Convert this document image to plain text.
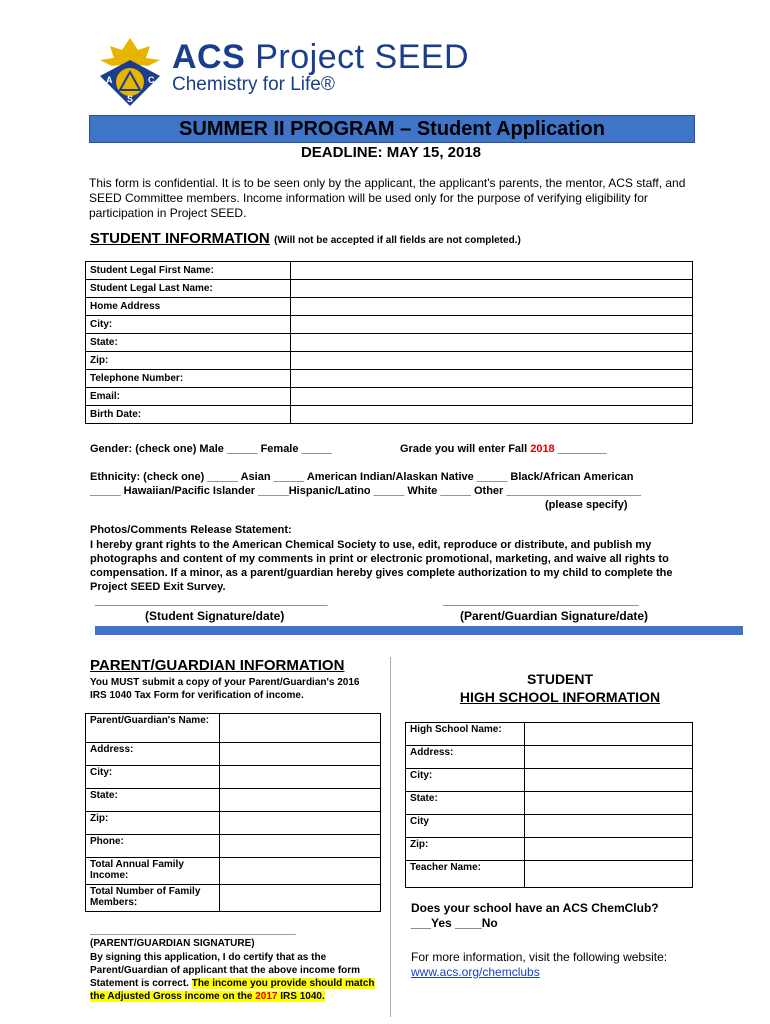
A	C
S
ACS Project SEED
Chemistry for Life®
SUMMER II PROGRAM – Student Application
DEADLINE: MAY 15, 2018
This form is confidential. It is to be seen only by the applicant, the applicant's parents, the mentor, ACS staff, and SEED Committee members. Income information will be used only for the purpose of verifying eligibility for participation in Project SEED.
STUDENT INFORMATION (Will not be accepted if all fields are not completed.)
Student Legal First Name:	
Student Legal Last Name:	
Home Address	
City:	
State:	
Zip:	
Telephone Number:	
Email:	
Birth Date:	
Gender: (check one) Male _____ Female _____	Grade you will enter Fall 2018 ________
Ethnicity: (check one) _____ Asian _____ American Indian/Alaskan Native _____ Black/African American
_____ Hawaiian/Pacific Islander _____Hispanic/Latino _____ White _____ Other ______________________
(please specify)
Photos/Comments Release Statement:
I hereby grant rights to the American Chemical Society to use, edit, reproduce or distribute, and publish my photographs and content of my comments in print or electronic promotional, marketing, and waive all rights to compensation. If a minor, as a parent/guardian hereby gives complete authorization to my child to complete the Project SEED Exit Survey.
______________________________________	________________________________
(Student Signature/date)	(Parent/Guardian Signature/date)
PARENT/GUARDIAN INFORMATION
You MUST submit a copy of your Parent/Guardian's 2016 IRS 1040 Tax Form for verification of income.
Parent/Guardian's Name:	
Address:	
City:	
State:	
Zip:	
Phone:	
Total Annual Family Income:	
Total Number of Family Members:	
_____________________________________
(PARENT/GUARDIAN SIGNATURE)
By signing this application, I do certify that as the Parent/Guardian of applicant that the above income form Statement is correct. The income you provide should match the Adjusted Gross income on the 2017 IRS 1040.
STUDENT
HIGH SCHOOL INFORMATION
High School Name:	
Address:	
City:	
State:	
City	
Zip:	
Teacher Name:	
Does your school have an ACS ChemClub?
___Yes ____No
For more information, visit the following website:
www.acs.org/chemclubs
